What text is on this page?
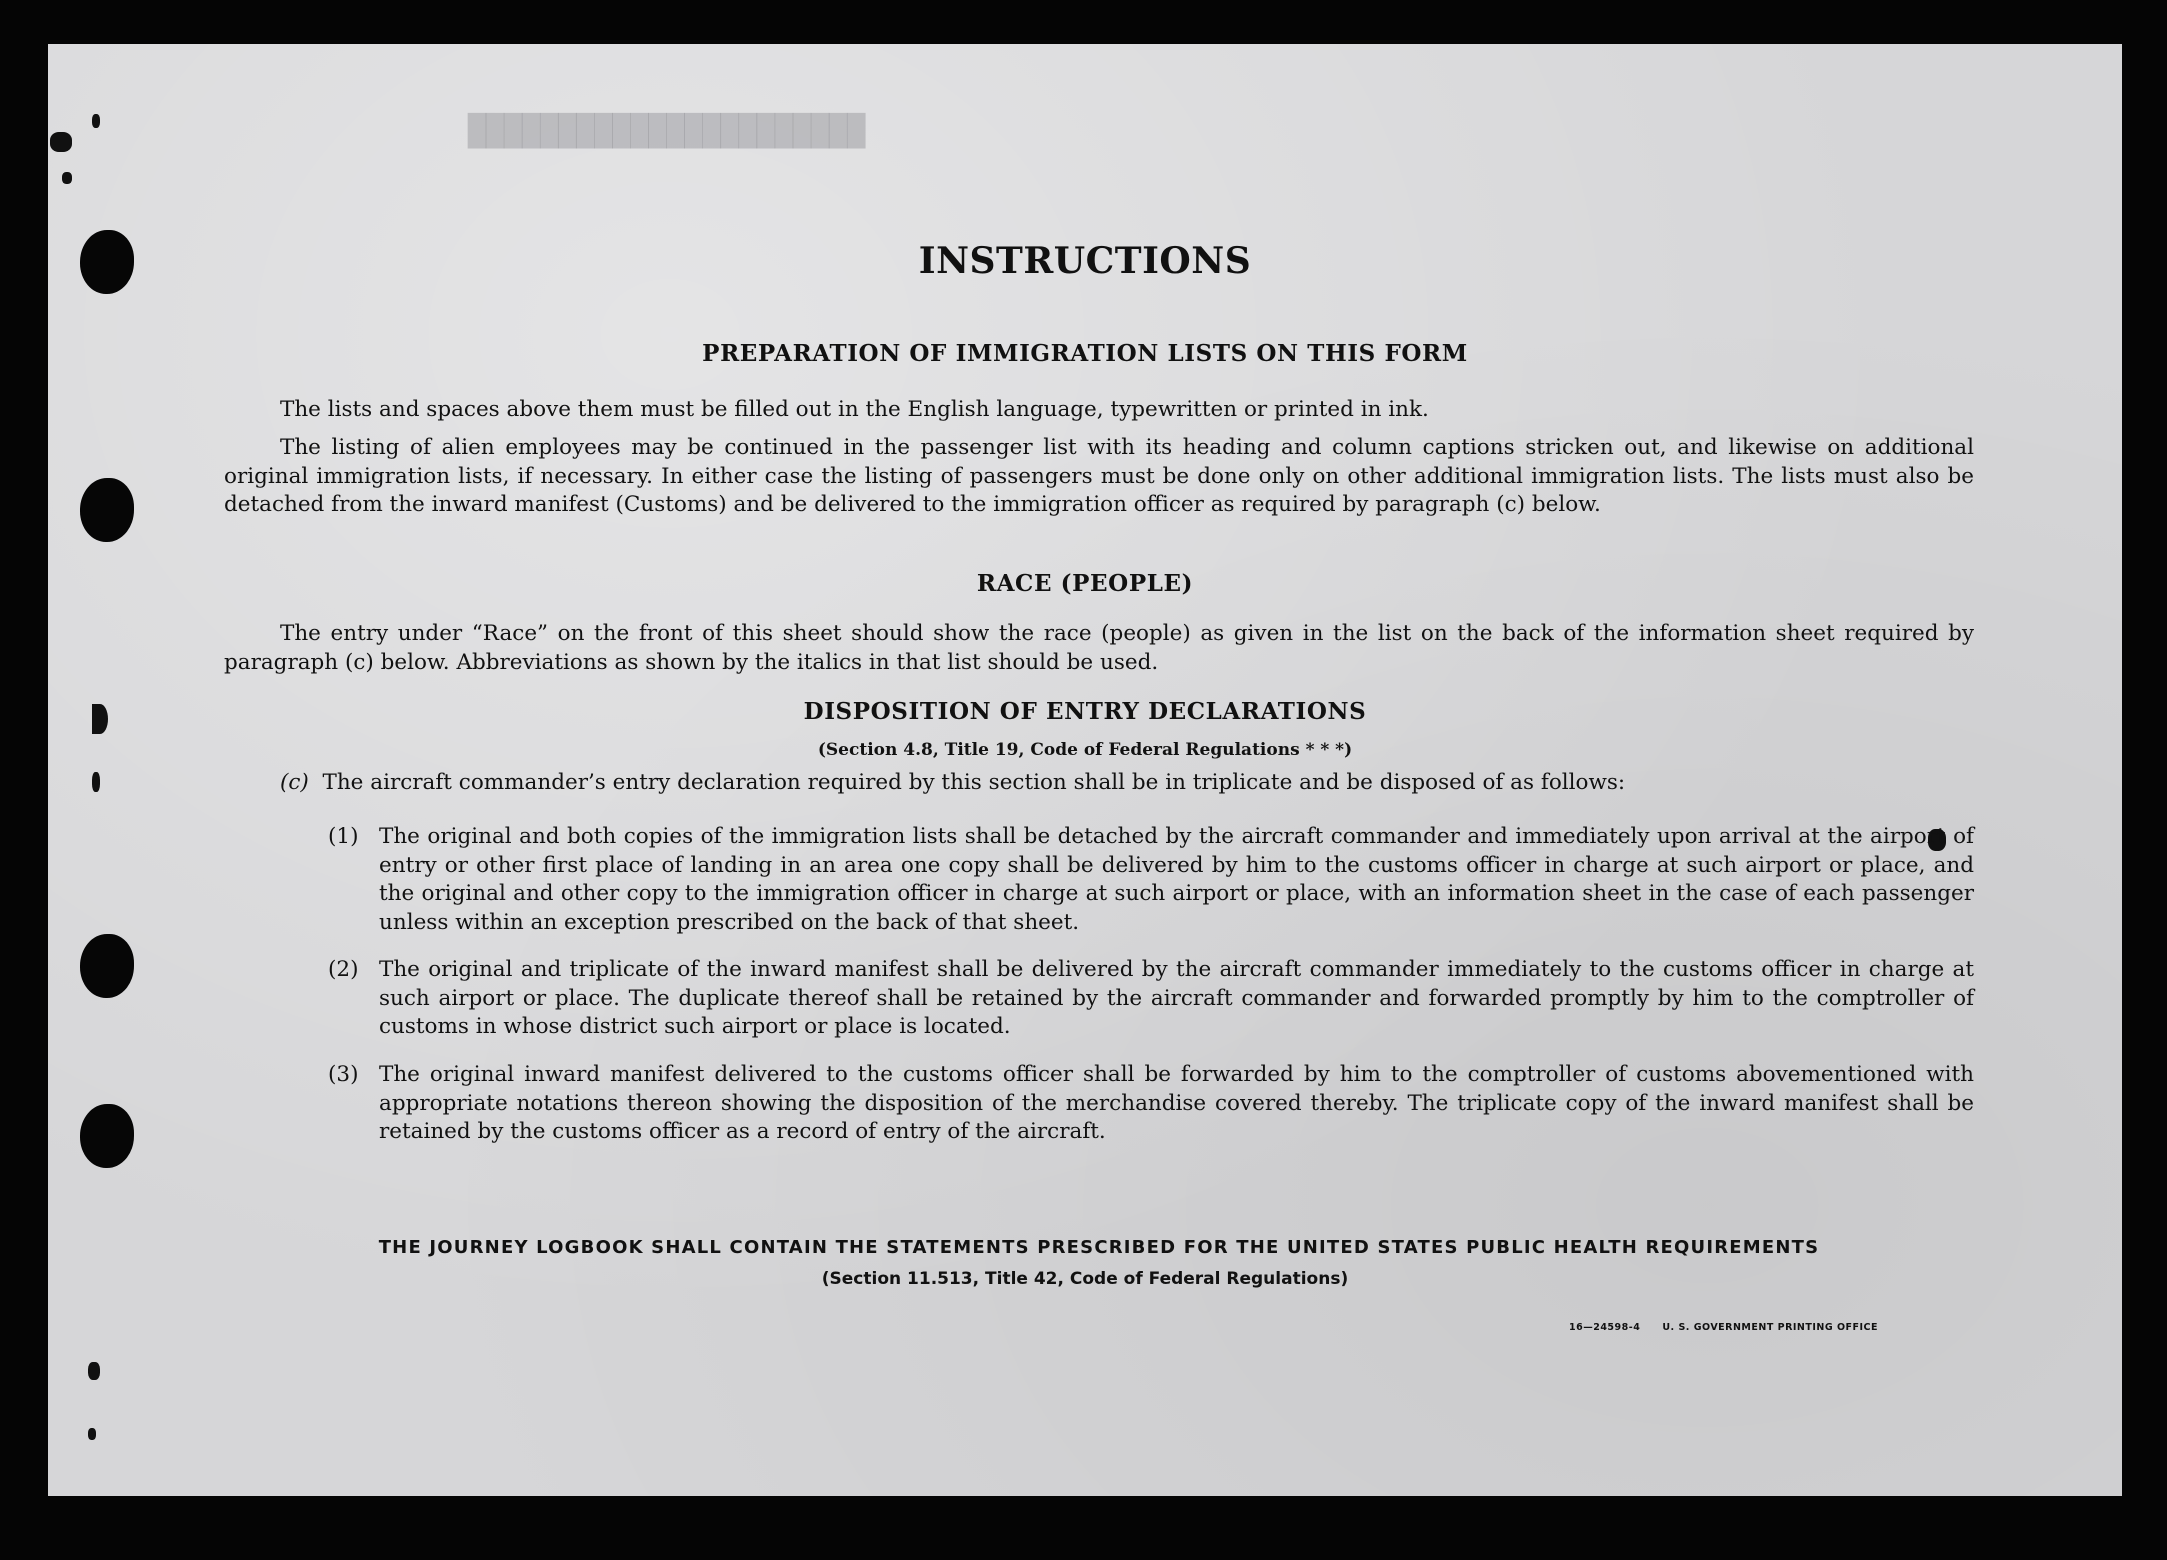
██████████████████████
INSTRUCTIONS
PREPARATION OF IMMIGRATION LISTS ON THIS FORM
The lists and spaces above them must be filled out in the English language, typewritten or printed in ink.
The listing of alien employees may be continued in the passenger list with its heading and column captions stricken out, and likewise on additional original immigration lists, if necessary. In either case the listing of passengers must be done only on other additional immigration lists. The lists must also be detached from the inward manifest (Customs) and be delivered to the immigration officer as required by paragraph (c) below.
RACE (PEOPLE)
The entry under “Race” on the front of this sheet should show the race (people) as given in the list on the back of the information sheet required by paragraph (c) below. Abbreviations as shown by the italics in that list should be used.
DISPOSITION OF ENTRY DECLARATIONS
(Section 4.8, Title 19, Code of Federal Regulations * * *)
(c) The aircraft commander’s entry declaration required by this section shall be in triplicate and be disposed of as follows:
(1) The original and both copies of the immigration lists shall be detached by the aircraft commander and immediately upon arrival at the airport of entry or other first place of landing in an area one copy shall be delivered by him to the customs officer in charge at such airport or place, and the original and other copy to the immigration officer in charge at such airport or place, with an information sheet in the case of each passenger unless within an exception prescribed on the back of that sheet.
(2) The original and triplicate of the inward manifest shall be delivered by the aircraft commander immediately to the customs officer in charge at such airport or place. The duplicate thereof shall be retained by the aircraft commander and forwarded promptly by him to the comptroller of customs in whose district such airport or place is located.
(3) The original inward manifest delivered to the customs officer shall be forwarded by him to the comptroller of customs abovementioned with appropriate notations thereon showing the disposition of the merchandise covered thereby. The triplicate copy of the inward manifest shall be retained by the customs officer as a record of entry of the aircraft.
THE JOURNEY LOGBOOK SHALL CONTAIN THE STATEMENTS PRESCRIBED FOR THE UNITED STATES PUBLIC HEALTH REQUIREMENTS
(Section 11.513, Title 42, Code of Federal Regulations)
16—24598-4 U. S. GOVERNMENT PRINTING OFFICE
